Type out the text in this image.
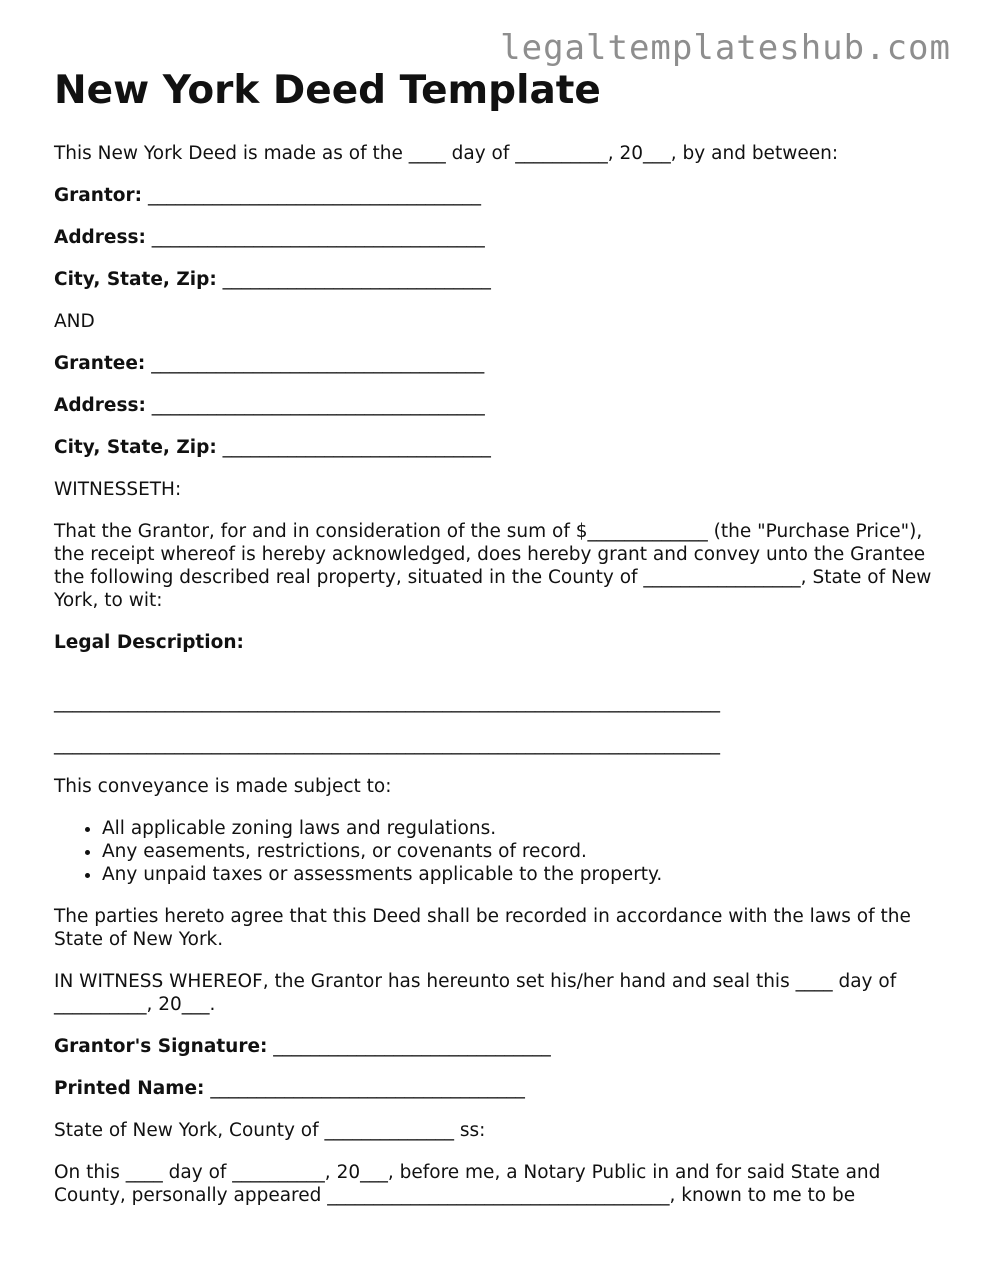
legaltemplateshub.com
New York Deed Template

This New York Deed is made as of the ____ day of __________, 20___, by and between:

Grantor: ____________________________________

Address: ____________________________________

City, State, Zip: _____________________________

AND

Grantee: ____________________________________

Address: ____________________________________

City, State, Zip: _____________________________

WITNESSETH:

That the Grantor, for and in consideration of the sum of $_____________ (the "Purchase Price"), the receipt whereof is hereby acknowledged, does hereby grant and convey unto the Grantee the following described real property, situated in the County of _________________, State of New York, to wit:

Legal Description:

________________________________________________________________________

________________________________________________________________________

This conveyance is made subject to:

• All applicable zoning laws and regulations.
• Any easements, restrictions, or covenants of record.
• Any unpaid taxes or assessments applicable to the property.

The parties hereto agree that this Deed shall be recorded in accordance with the laws of the State of New York.

IN WITNESS WHEREOF, the Grantor has hereunto set his/her hand and seal this ____ day of __________, 20___.

Grantor's Signature: ______________________________

Printed Name: __________________________________

State of New York, County of ______________ ss:

On this ____ day of __________, 20___, before me, a Notary Public in and for said State and County, personally appeared _____________________________________, known to me to be
